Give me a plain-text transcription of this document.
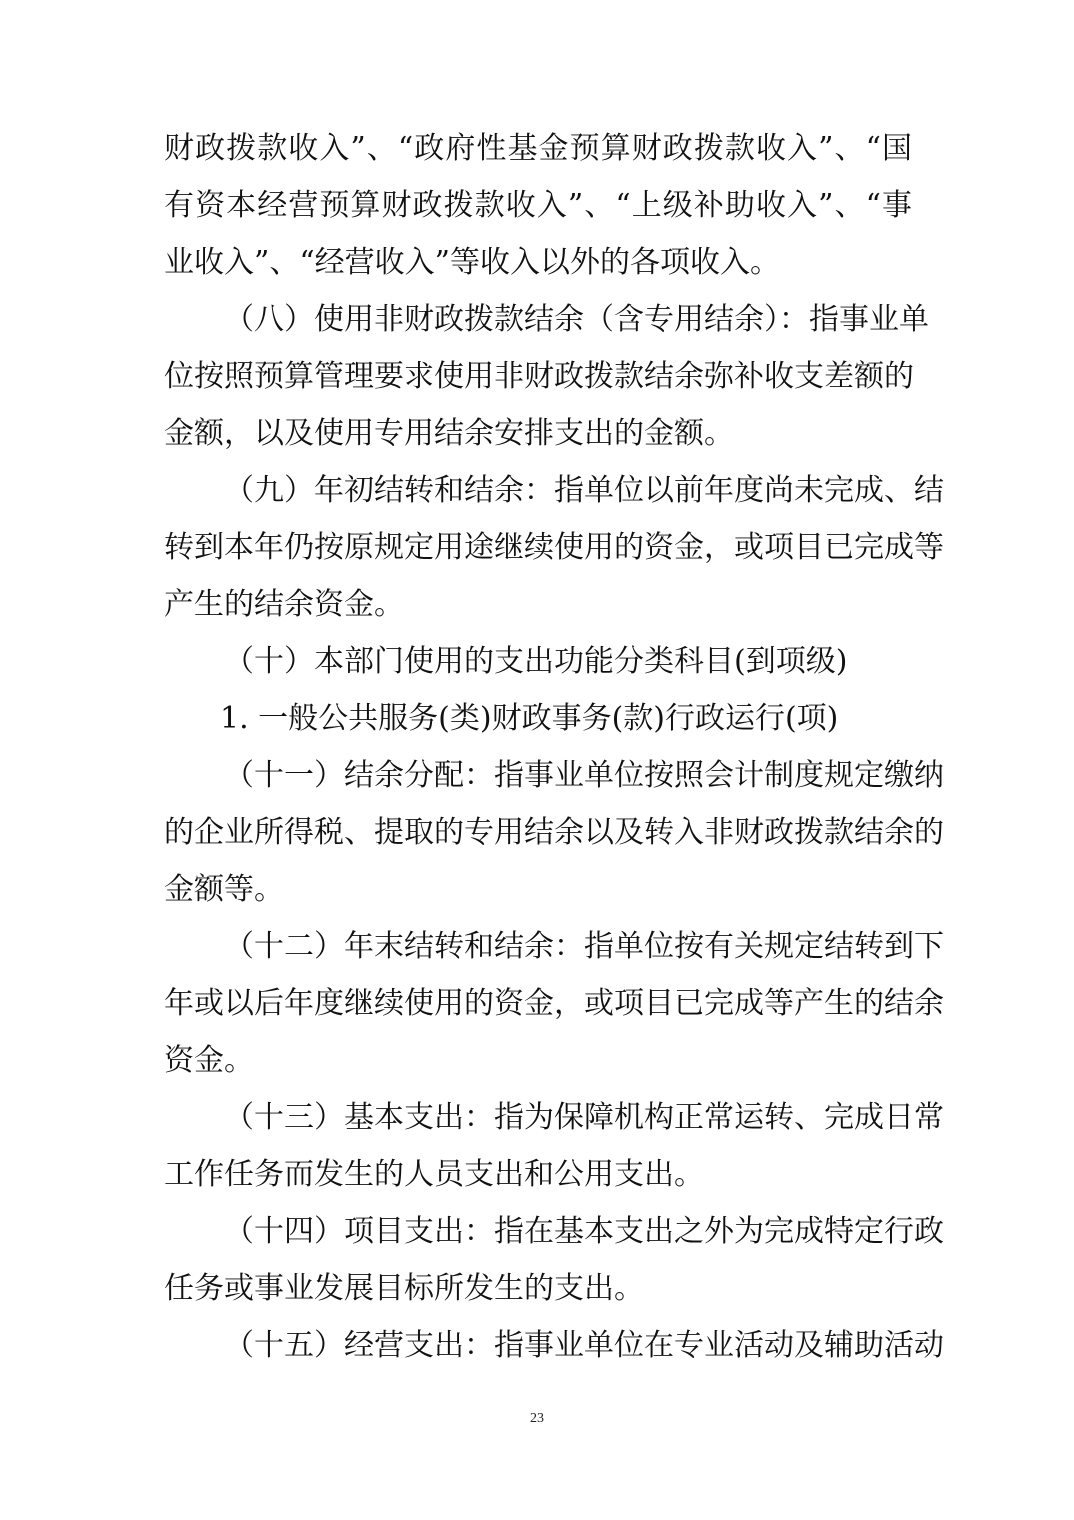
财政拨款收入”、“政府性基金预算财政拨款收入”、“国
有资本经营预算财政拨款收入”、“上级补助收入”、“事
业收入”、“经营收入”等收入以外的各项收入。
（八）使用非财政拨款结余（含专用结余）：指事业单
位按照预算管理要求使用非财政拨款结余弥补收支差额的
金额，以及使用专用结余安排支出的金额。
（九）年初结转和结余：指单位以前年度尚未完成、结
转到本年仍按原规定用途继续使用的资金，或项目已完成等
产生的结余资金。
（十）本部门使用的支出功能分类科目(到项级)
1. 一般公共服务(类)财政事务(款)行政运行(项)
（十一）结余分配：指事业单位按照会计制度规定缴纳
的企业所得税、提取的专用结余以及转入非财政拨款结余的
金额等。
（十二）年末结转和结余：指单位按有关规定结转到下
年或以后年度继续使用的资金，或项目已完成等产生的结余
资金。
（十三）基本支出：指为保障机构正常运转、完成日常
工作任务而发生的人员支出和公用支出。
（十四）项目支出：指在基本支出之外为完成特定行政
任务或事业发展目标所发生的支出。
（十五）经营支出：指事业单位在专业活动及辅助活动
23
